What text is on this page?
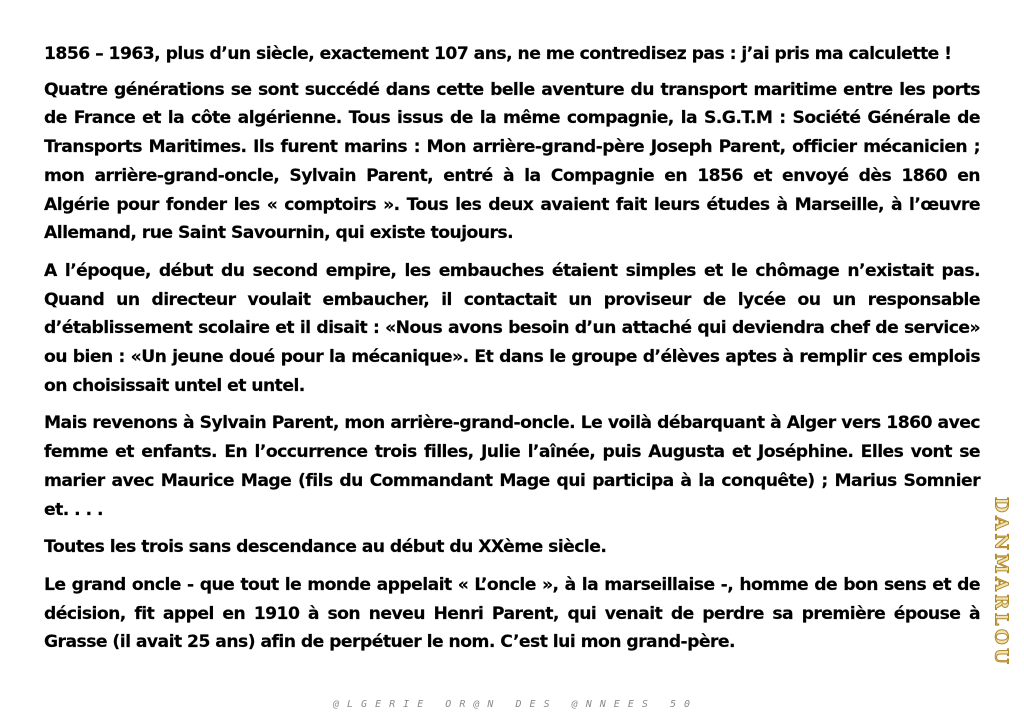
1856 – 1963, plus d’un siècle, exactement 107 ans, ne me contredisez pas : j’ai pris ma calculette !

Quatre générations se sont succédé dans cette belle aventure du transport maritime entre les ports de France et la côte algérienne. Tous issus de la même compagnie, la S.G.T.M : Société Générale de Transports Maritimes. Ils furent marins : Mon arrière-grand-père Joseph Parent, officier mécanicien ; mon arrière-grand-oncle, Sylvain Parent, entré à la Compagnie en 1856 et envoyé dès 1860 en Algérie pour fonder les « comptoirs ». Tous les deux avaient fait leurs études à Marseille, à l’œuvre Allemand, rue Saint Savournin, qui existe toujours.

A l’époque, début du second empire, les embauches étaient simples et le chômage n’existait pas. Quand un directeur voulait embaucher, il contactait un proviseur de lycée ou un responsable d’établissement scolaire et il disait : «Nous avons besoin d’un attaché qui deviendra chef de service» ou bien : «Un jeune doué pour la mécanique». Et dans le groupe d’élèves aptes à remplir ces emplois on choisissait untel et untel.

Mais revenons à Sylvain Parent, mon arrière-grand-oncle. Le voilà débarquant à Alger vers 1860 avec femme et enfants. En l’occurrence trois filles, Julie l’aînée, puis Augusta et Joséphine. Elles vont se marier avec Maurice Mage (fils du Commandant Mage qui participa à la conquête) ; Marius Somnier et. . . .

Toutes les trois sans descendance au début du XXème siècle.

Le grand oncle - que tout le monde appelait « L’oncle », à la marseillaise -, homme de bon sens et de décision, fit appel en 1910 à son neveu Henri Parent, qui venait de perdre sa première épouse à Grasse (il avait 25 ans) afin de perpétuer le nom. C’est lui mon grand-père.	DANMARLOU
@ L G E R I E   O R @ N   D E S   @ N N E E S   5 0
